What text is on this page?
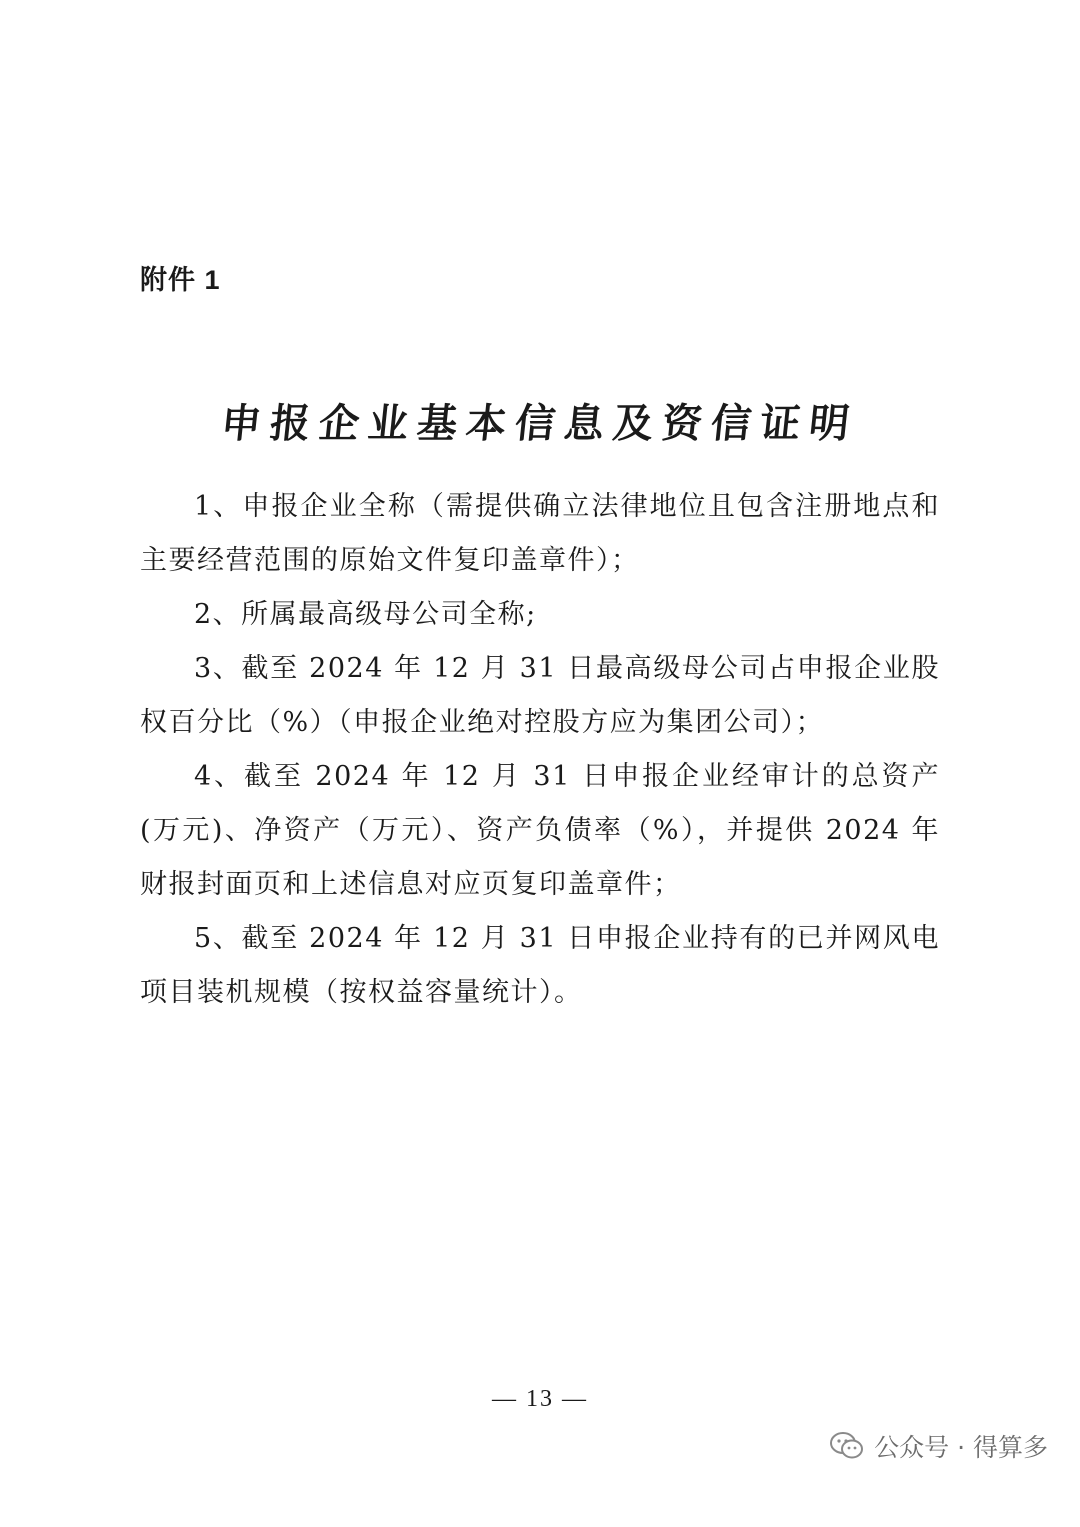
附件 1
申报企业基本信息及资信证明

1、申报企业全称（需提供确立法律地位且包含注册地点和主要经营范围的原始文件复印盖章件）；

2、所属最高级母公司全称;

3、截至 2024 年 12 月 31 日最高级母公司占申报企业股权百分比（%）（申报企业绝对控股方应为集团公司）；

4、截至 2024 年 12 月 31 日申报企业经审计的总资产(万元)、净资产（万元）、资产负债率（%），并提供 2024 年财报封面页和上述信息对应页复印盖章件；

5、截至 2024 年 12 月 31 日申报企业持有的已并网风电项目装机规模（按权益容量统计）。

— 13 —
公众号 · 得算多
